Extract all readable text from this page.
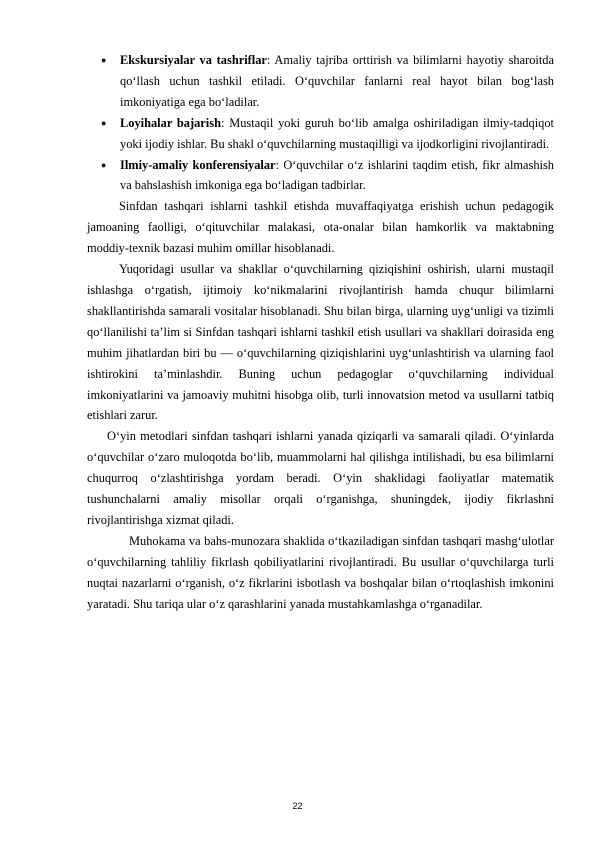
● Ekskursiyalar va tashriflar: Amaliy tajriba orttirish va bilimlarni hayotiy sharoitda qo‘llash uchun tashkil etiladi. O‘quvchilar fanlarni real hayot bilan bog‘lash imkoniyatiga ega bo‘ladilar.
● Loyihalar bajarish: Mustaqil yoki guruh bo‘lib amalga oshiriladigan ilmiy-tadqiqot yoki ijodiy ishlar. Bu shakl o‘quvchilarning mustaqilligi va ijodkorligini rivojlantiradi.
● Ilmiy-amaliy konferensiyalar: O‘quvchilar o‘z ishlarini taqdim etish, fikr almashish va bahslashish imkoniga ega bo‘ladigan tadbirlar.

Sinfdan tashqari ishlarni tashkil etishda muvaffaqiyatga erishish uchun pedagogik jamoaning faolligi, o‘qituvchilar malakasi, ota-onalar bilan hamkorlik va maktabning moddiy-texnik bazasi muhim omillar hisoblanadi.

Yuqoridagi usullar va shakllar o‘quvchilarning qiziqishini oshirish, ularni mustaqil ishlashga o‘rgatish, ijtimoiy ko‘nikmalarini rivojlantirish hamda chuqur bilimlarni shakllantirishda samarali vositalar hisoblanadi. Shu bilan birga, ularning uyg‘unligi va tizimli qo‘llanilishi ta’lim si Sinfdan tashqari ishlarni tashkil etish usullari va shakllari doirasida eng muhim jihatlardan biri bu — o‘quvchilarning qiziqishlarini uyg‘unlashtirish va ularning faol ishtirokini ta’minlashdir. Buning uchun pedagoglar o‘quvchilarning individual imkoniyatlarini va jamoaviy muhitni hisobga olib, turli innovatsion metod va usullarni tatbiq etishlari zarur.

O‘yin metodlari sinfdan tashqari ishlarni yanada qiziqarli va samarali qiladi. O‘yinlarda o‘quvchilar o‘zaro muloqotda bo‘lib, muammolarni hal qilishga intilishadi, bu esa bilimlarni chuqurroq o‘zlashtirishga yordam beradi. O‘yin shaklidagi faoliyatlar matematik tushunchalarni amaliy misollar orqali o‘rganishga, shuningdek, ijodiy fikrlashni rivojlantirishga xizmat qiladi.

Muhokama va bahs-munozara shaklida o‘tkaziladigan sinfdan tashqari mashg‘ulotlar o‘quvchilarning tahliliy fikrlash qobiliyatlarini rivojlantiradi. Bu usullar o‘quvchilarga turli nuqtai nazarlarni o‘rganish, o‘z fikrlarini isbotlash va boshqalar bilan o‘rtoqlashish imkonini yaratadi. Shu tariqa ular o‘z qarashlarini yanada mustahkamlashga o‘rganadilar.

22
